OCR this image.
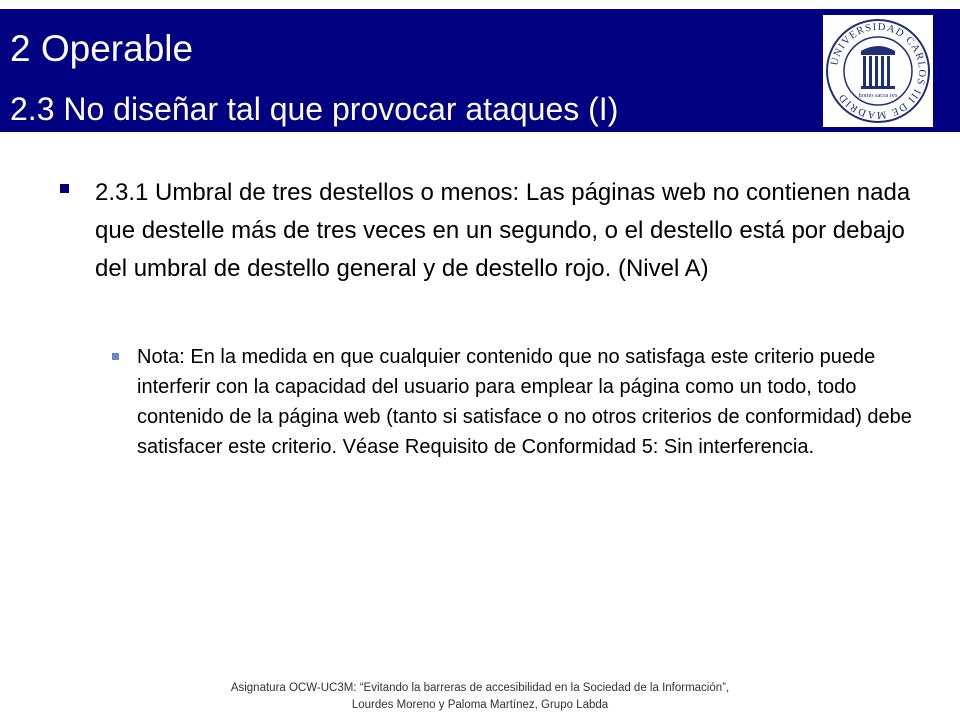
2 Operable
2.3 No diseñar tal que provocar ataques (I)
UNIVERSIDAD CARLOS III DE MADRID	homo sacra res
2.3.1 Umbral de tres destellos o menos: Las páginas web no contienen nada que destelle más de tres veces en un segundo, o el destello está por debajo del umbral de destello general y de destello rojo. (Nivel A)
Nota: En la medida en que cualquier contenido que no satisfaga este criterio puede interferir con la capacidad del usuario para emplear la página como un todo, todo contenido de la página web (tanto si satisface o no otros criterios de conformidad) debe satisfacer este criterio. Véase Requisito de Conformidad 5: Sin interferencia.
Asignatura OCW-UC3M: “Evitando la barreras de accesibilidad en la Sociedad de la Información”,
Lourdes Moreno y Paloma Martínez, Grupo Labda
